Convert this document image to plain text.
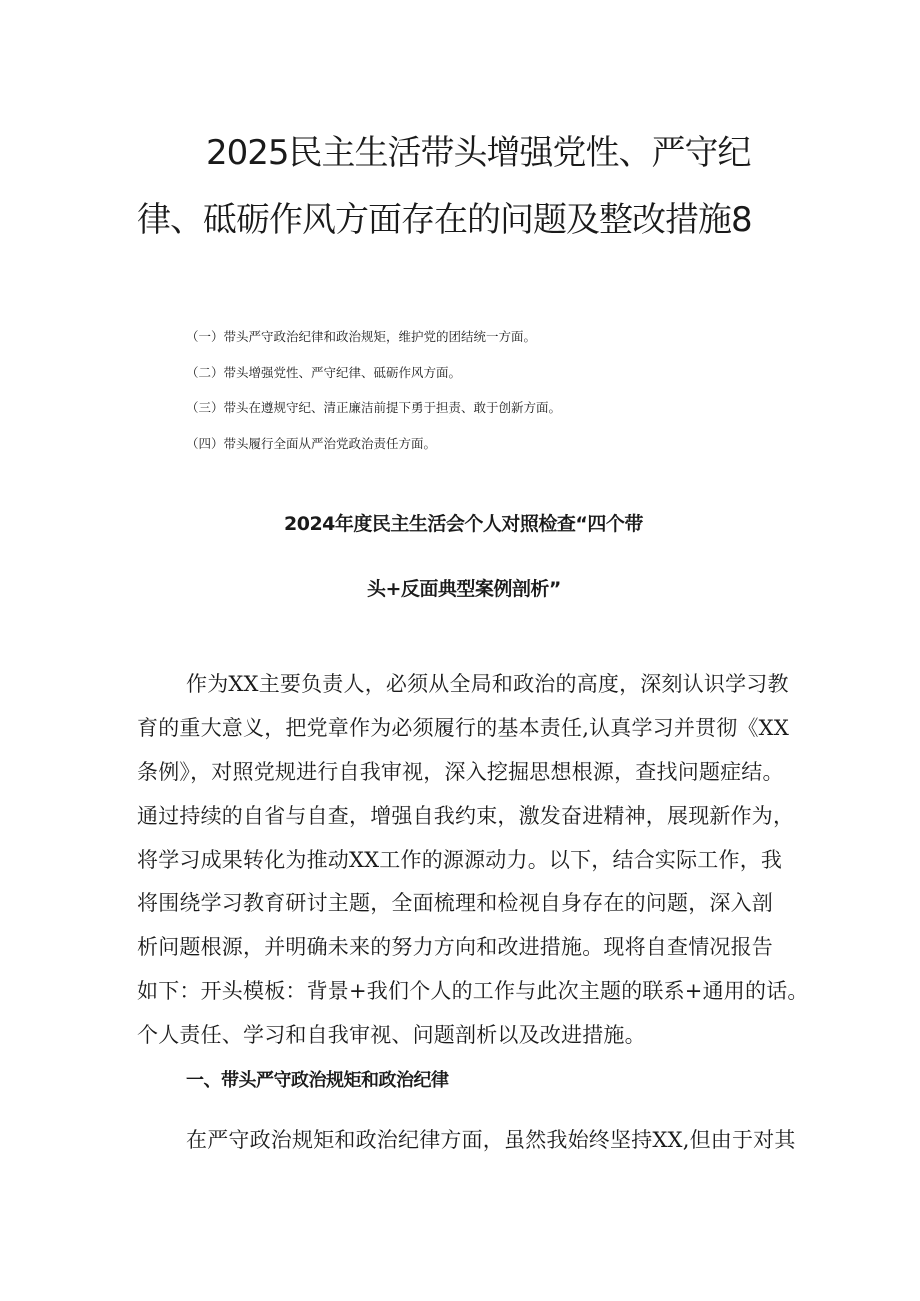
2025民主生活带头增强党性、严守纪
律、砥砺作风方面存在的问题及整改措施8

（一）带头严守政治纪律和政治规矩，维护党的团结统一方面。

（二）带头增强党性、严守纪律、砥砺作风方面。

（三）带头在遵规守纪、清正廉洁前提下勇于担责、敢于创新方面。

（四）带头履行全面从严治党政治责任方面。

2024年度民主生活会个人对照检查“四个带
头+反面典型案例剖析”

作为XX主要负责人，必须从全局和政治的高度，深刻认识学习教

育的重大意义，把党章作为必须履行的基本责任,认真学习并贯彻《XX

条例》，对照党规进行自我审视，深入挖掘思想根源，查找问题症结。

通过持续的自省与自查，增强自我约束，激发奋进精神，展现新作为，

将学习成果转化为推动XX工作的源源动力。以下，结合实际工作，我

将围绕学习教育研讨主题，全面梳理和检视自身存在的问题，深入剖

析问题根源，并明确未来的努力方向和改进措施。现将自查情况报告

如下：开头模板：背景+我们个人的工作与此次主题的联系+通用的话。

个人责任、学习和自我审视、问题剖析以及改进措施。

一、带头严守政治规矩和政治纪律

在严守政治规矩和政治纪律方面，虽然我始终坚持XX,但由于对其
